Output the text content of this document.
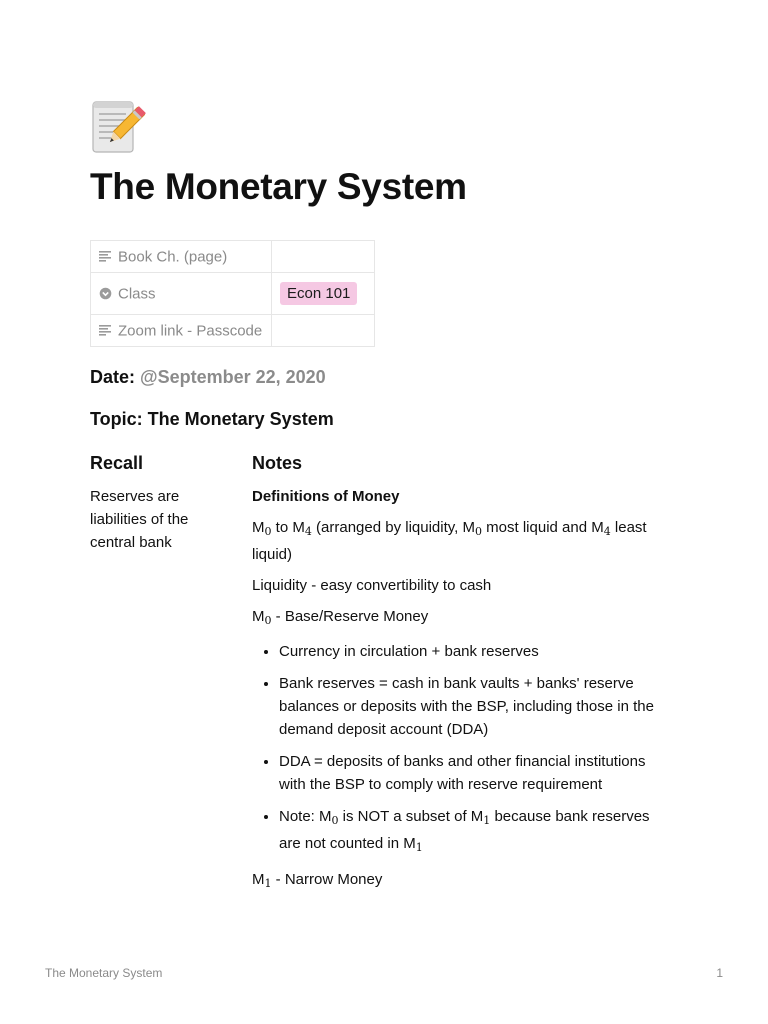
The Monetary System
Book Ch. (page)	
Class	Econ 101
Zoom link - Passcode	
Date: @September 22, 2020
Topic: The Monetary System
Recall
Reserves are liabilities of the central bank
Notes

Definitions of Money

$M_0$ to $M_4$ (arranged by liquidity, $M_0$ most liquid and $M_4$ least liquid)

Liquidity - easy convertibility to cash

$M_0$ - Base/Reserve Money

• Currency in circulation + bank reserves
• Bank reserves = cash in bank vaults + banks' reserve balances or deposits with the BSP, including those in the demand deposit account (DDA)
• DDA = deposits of banks and other financial institutions with the BSP to comply with reserve requirement
• Note: $M_0$ is NOT a subset of $M_1$ because bank reserves are not counted in $M_1$

$M_1$ - Narrow Money

The Monetary System	1
